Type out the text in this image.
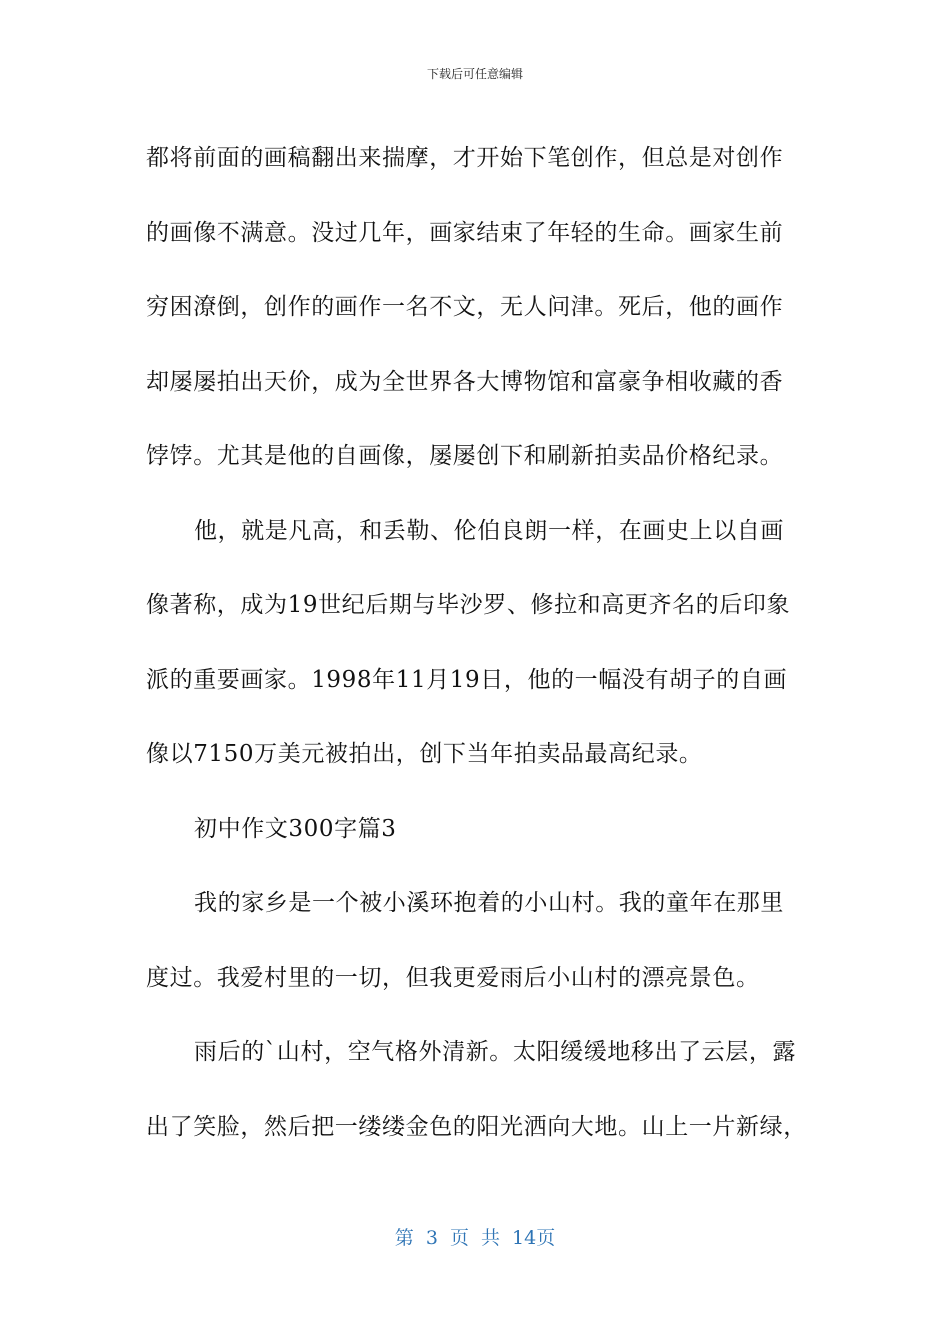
下载后可任意编辑

都将前面的画稿翻出来揣摩，才开始下笔创作，但总是对创作
的画像不满意。没过几年，画家结束了年轻的生命。画家生前
穷困潦倒，创作的画作一名不文，无人问津。死后，他的画作
却屡屡拍出天价，成为全世界各大博物馆和富豪争相收藏的香
饽饽。尤其是他的自画像，屡屡创下和刷新拍卖品价格纪录。

他，就是凡高，和丢勒、伦伯良朗一样，在画史上以自画
像著称，成为19世纪后期与毕沙罗、修拉和高更齐名的后印象
派的重要画家。1998年11月19日，他的一幅没有胡子的自画
像以7150万美元被拍出，创下当年拍卖品最高纪录。

初中作文300字篇3

我的家乡是一个被小溪环抱着的小山村。我的童年在那里
度过。我爱村里的一切，但我更爱雨后小山村的漂亮景色。

雨后的`山村，空气格外清新。太阳缓缓地移出了云层，露
出了笑脸，然后把一缕缕金色的阳光洒向大地。山上一片新绿，

第 3 页 共 14页
